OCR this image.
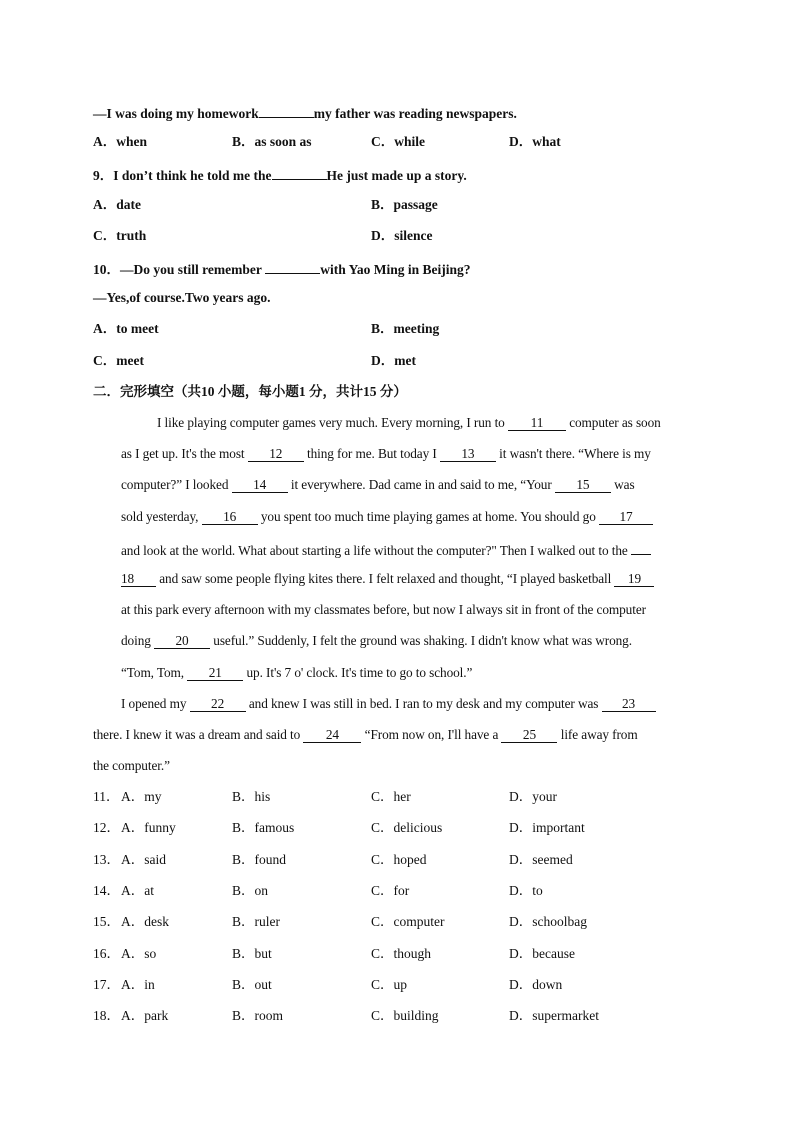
—I was doing my homework	my father was reading newspapers.
A．when	B．as soon as	C．while	D．what
9．I don’t think he told me the	He just made up a story.
A．date	B．passage
C．truth	D．silence
10．—Do you still remember	with Yao Ming in Beijing?
—Yes,of course.Two years ago.
A．to meet	B．meeting
C．meet	D．met
二．完形填空（共10 小题，每小题1 分，共计15 分）
I like playing computer games very much. Every morning, I run to 11 computer as soon
as I get up. It's the most 12 thing for me. But today I 13 it wasn't there. “Where is my
computer?” I looked 14 it everywhere. Dad came in and said to me, “Your 15 was
sold yesterday, 16 you spent too much time playing games at home. You should go 17
and look at the world. What about starting a life without the computer?" Then I walked out to the
18 and saw some people flying kites there. I felt relaxed and thought, “I played basketball 19
at this park every afternoon with my classmates before, but now I always sit in front of the computer
doing 20 useful.” Suddenly, I felt the ground was shaking. I didn't know what was wrong.
“Tom, Tom, 21 up. It's 7 o' clock. It's time to go to school.”
I opened my 22 and knew I was still in bed. I ran to my desk and my computer was 23
there. I knew it was a dream and said to 24 “From now on, I'll have a 25 life away from
the computer.”
11． A．my	B．his	C．her	D．your
12． A．funny	B．famous	C．delicious	D．important
13． A．said	B．found	C．hoped	D．seemed
14． A．at	B．on	C．for	D．to
15． A．desk	B．ruler	C．computer	D．schoolbag
16． A．so	B．but	C．though	D．because
17． A．in	B．out	C．up	D．down
18． A．park	B．room	C．building	D．supermarket
